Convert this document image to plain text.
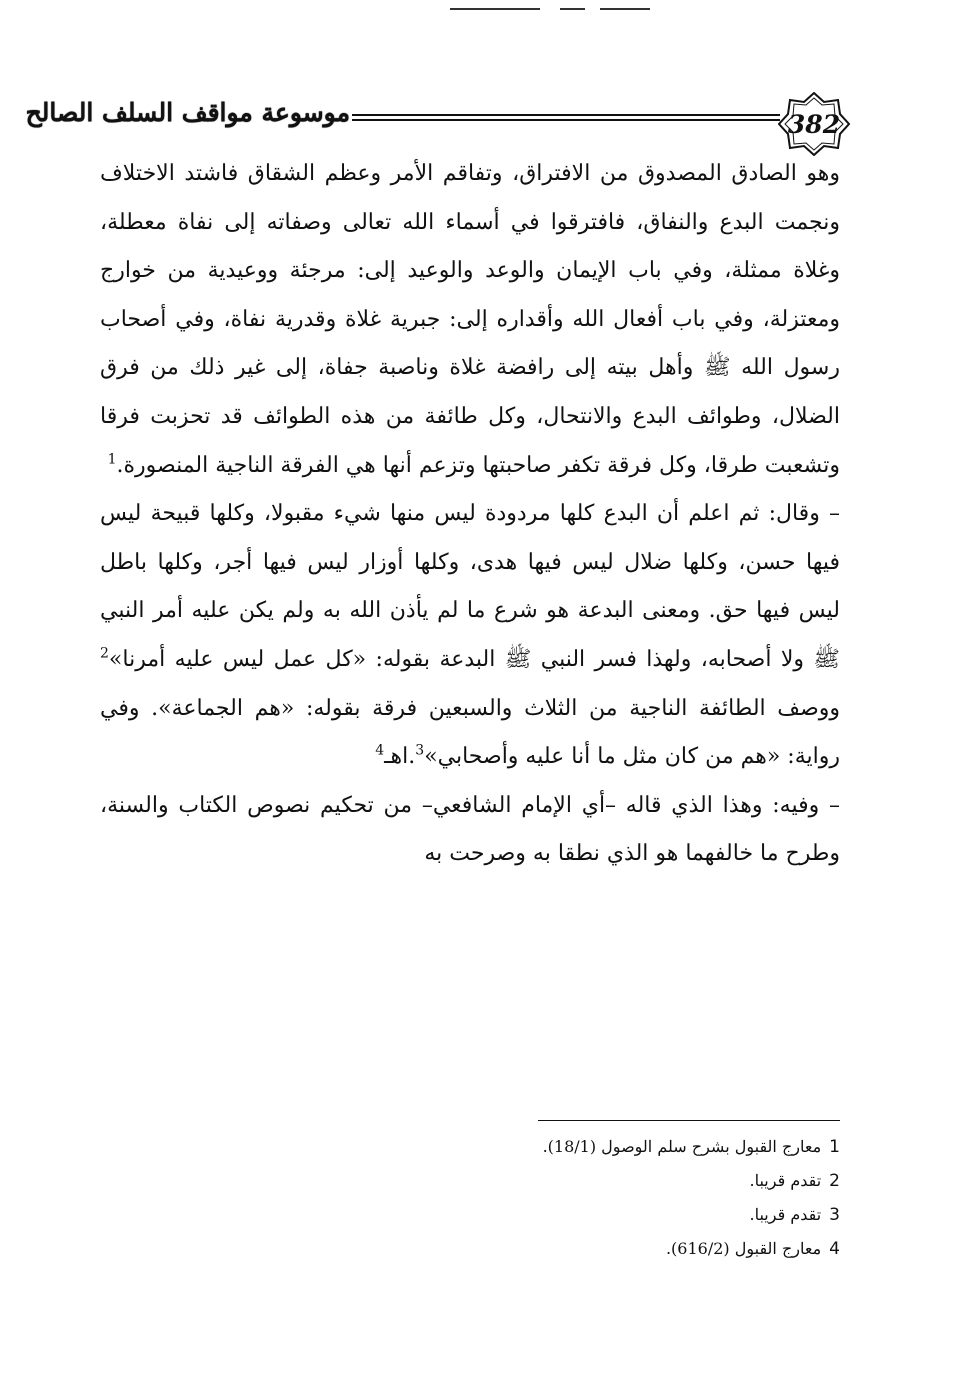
موسوعة مواقف السلف الصالح	382

وهو الصادق المصدوق من الافتراق، وتفاقم الأمر وعظم الشقاق فاشتد الاختلاف ونجمت البدع والنفاق، فافترقوا في أسماء الله تعالى وصفاته إلى نفاة معطلة، وغلاة ممثلة، وفي باب الإيمان والوعد والوعيد إلى: مرجئة ووعيدية من خوارج ومعتزلة، وفي باب أفعال الله وأقداره إلى: جبرية غلاة وقدرية نفاة، وفي أصحاب رسول الله ﷺ وأهل بيته إلى رافضة غلاة وناصبة جفاة، إلى غير ذلك من فرق الضلال، وطوائف البدع والانتحال، وكل طائفة من هذه الطوائف قد تحزبت فرقا وتشعبت طرقا، وكل فرقة تكفر صاحبتها وتزعم أنها هي الفرقة الناجية المنصورة.$^1$

– وقال: ثم اعلم أن البدع كلها مردودة ليس منها شيء مقبولا، وكلها قبيحة ليس فيها حسن، وكلها ضلال ليس فيها هدى، وكلها أوزار ليس فيها أجر، وكلها باطل ليس فيها حق. ومعنى البدعة هو شرع ما لم يأذن الله به ولم يكن عليه أمر النبي ﷺ ولا أصحابه، ولهذا فسر النبي ﷺ البدعة بقوله: «كل عمل ليس عليه أمرنا»$^2$ ووصف الطائفة الناجية من الثلاث والسبعين فرقة بقوله: «هم الجماعة». وفي رواية: «هم من كان مثل ما أنا عليه وأصحابي»$^3$.اهـ$^4$

– وفيه: وهذا الذي قاله –أي الإمام الشافعي– من تحكيم نصوص الكتاب والسنة، وطرح ما خالفهما هو الذي نطقا به وصرحت به

1معارج القبول بشرح سلم الوصول (18/1).
2تقدم قريبا.
3تقدم قريبا.
4معارج القبول (616/2).
